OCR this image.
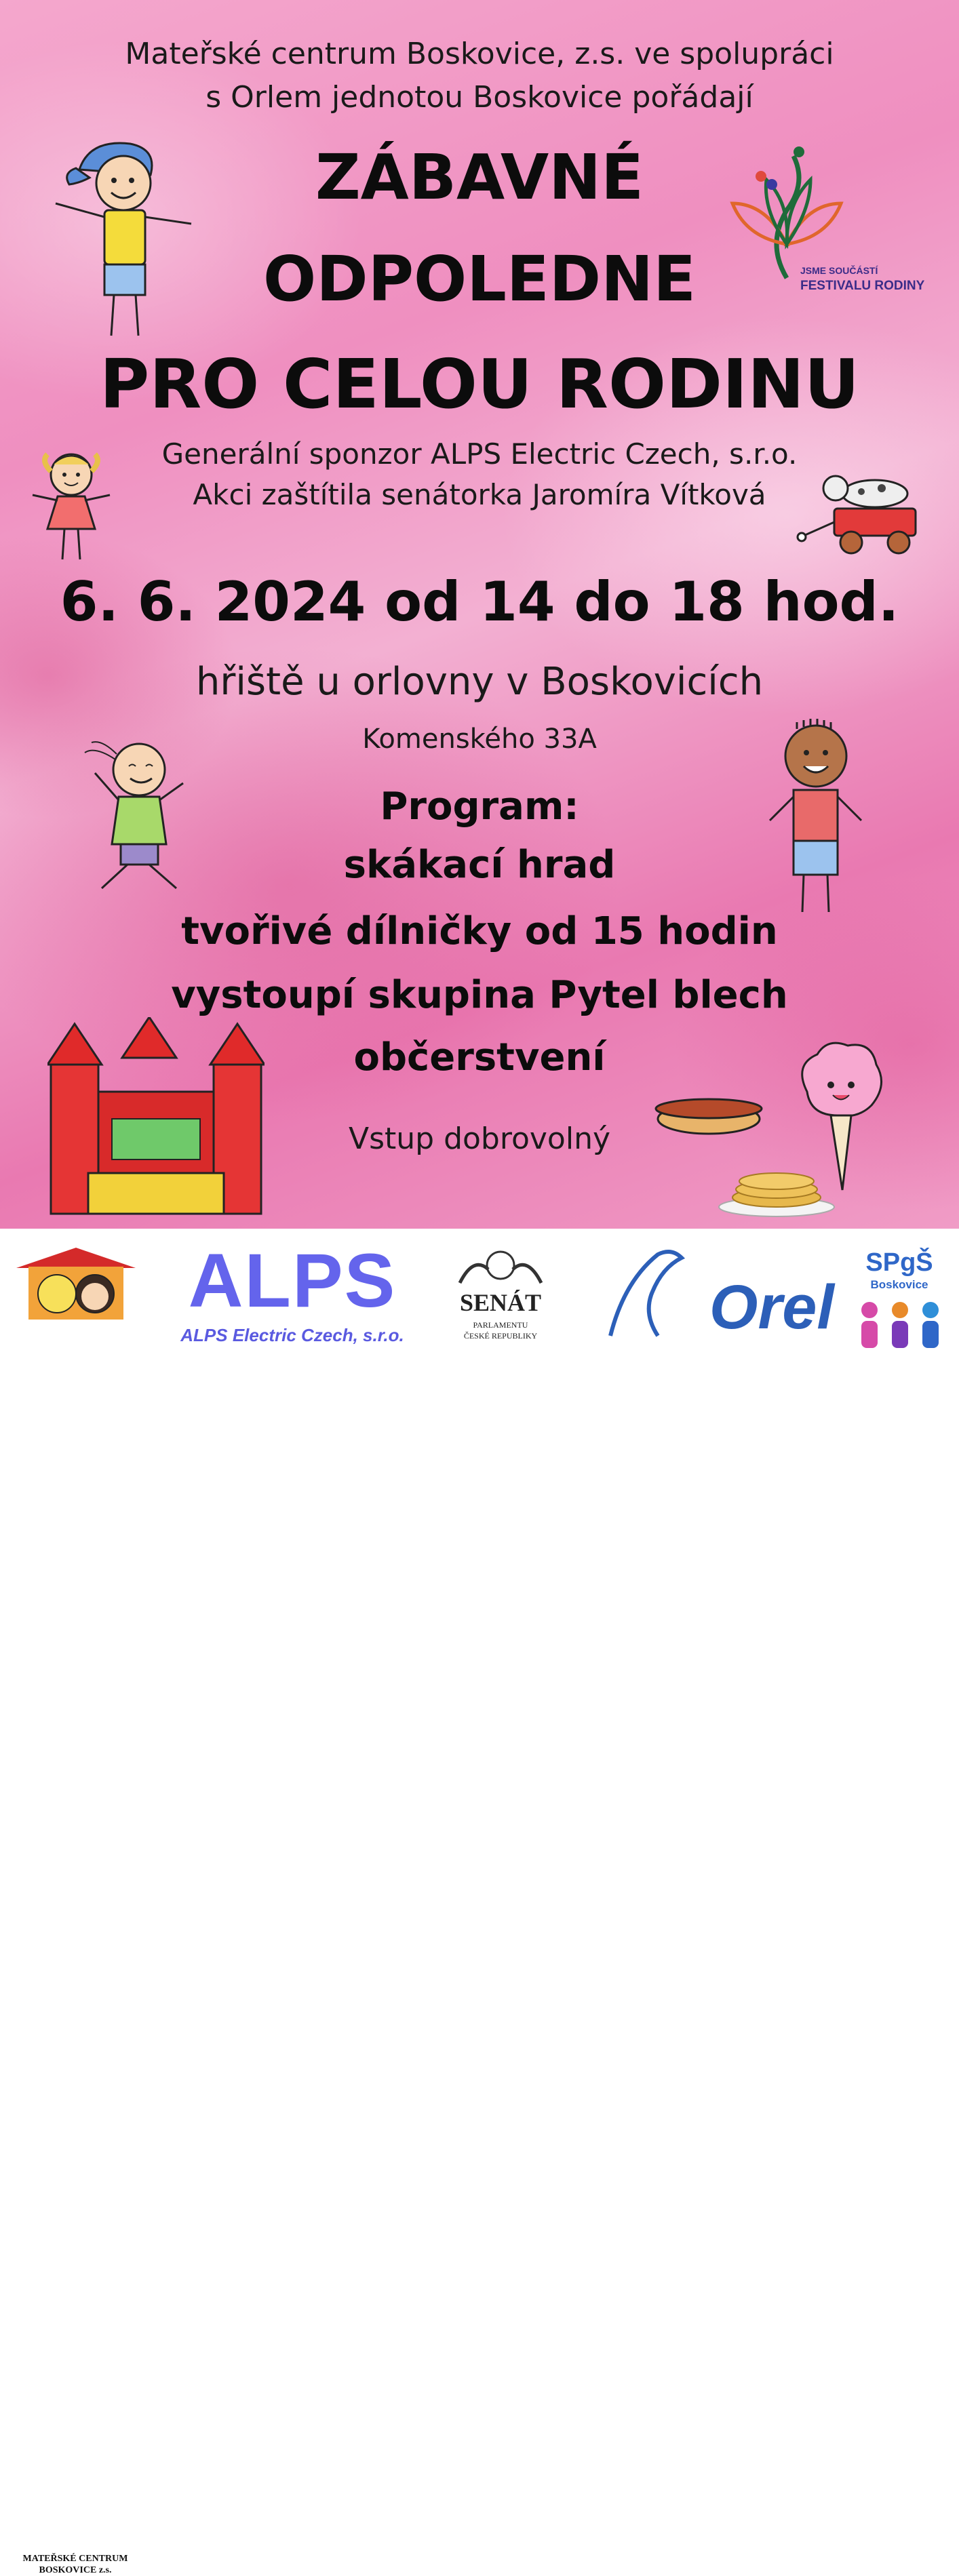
Mateřské centrum Boskovice, z.s. ve spolupráci
s Orlem jednotou Boskovice pořádají
ZÁBAVNÉ
ODPOLEDNE
PRO CELOU RODINU
Generální sponzor ALPS Electric Czech, s.r.o.
Akci zaštítila senátorka Jaromíra Vítková
6. 6. 2024 od 14 do 18 hod.
hřiště u orlovny v Boskovicích
Komenského 33A
Program:
skákací hrad
tvořivé dílničky od 15 hodin
vystoupí skupina Pytel blech
občerstvení
Vstup dobrovolný
JSME SOUČÁSTÍ
FESTIVALU RODINY
MATEŘSKÉ CENTRUM
BOSKOVICE z.s.
ALPS
ALPS Electric Czech, s.r.o.
SENÁT
PARLAMENTU
ČESKÉ REPUBLIKY	Orel
SPgŠ
Boskovice
